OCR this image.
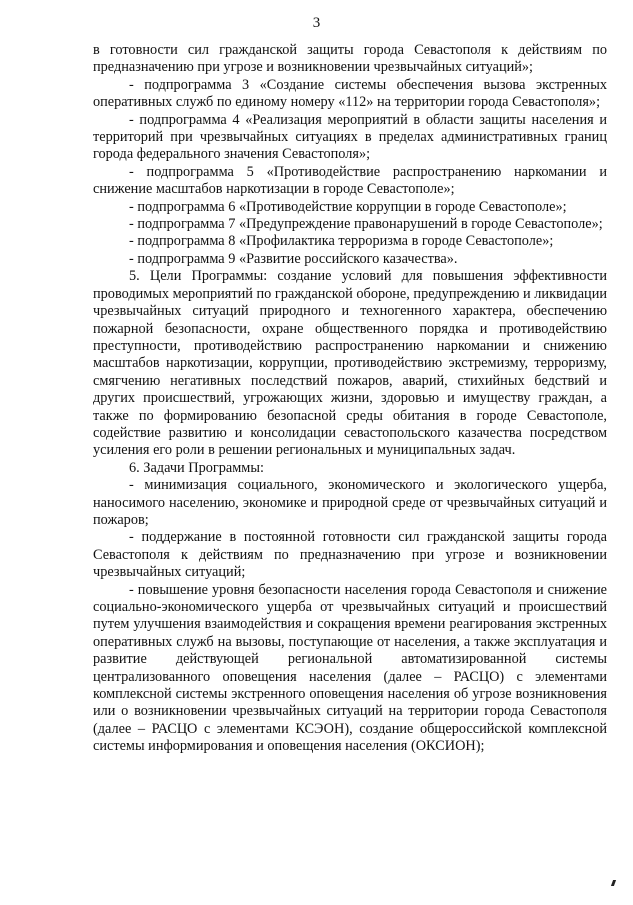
3

в готовности сил гражданской защиты города Севастополя к действиям по предназначению при угрозе и возникновении чрезвычайных ситуаций»;

- подпрограмма 3 «Создание системы обеспечения вызова экстренных оперативных служб по единому номеру «112» на территории города Севастополя»;

- подпрограмма 4 «Реализация мероприятий в области защиты населения и территорий при чрезвычайных ситуациях в пределах административных границ города федерального значения Севастополя»;

- подпрограмма 5 «Противодействие распространению наркомании и снижение масштабов наркотизации в городе Севастополе»;

- подпрограмма 6 «Противодействие коррупции в городе Севастополе»;

- подпрограмма 7 «Предупреждение правонарушений в городе Севастополе»;

- подпрограмма 8 «Профилактика терроризма в городе Севастополе»;

- подпрограмма 9 «Развитие российского казачества».

5. Цели Программы: создание условий для повышения эффективности проводимых мероприятий по гражданской обороне, предупреждению и ликвидации чрезвычайных ситуаций природного и техногенного характера, обеспечению пожарной безопасности, охране общественного порядка и противодействию преступности, противодействию распространению наркомании и снижению масштабов наркотизации, коррупции, противодействию экстремизму, терроризму, смягчению негативных последствий пожаров, аварий, стихийных бедствий и других происшествий, угрожающих жизни, здоровью и имуществу граждан, а также по формированию безопасной среды обитания в городе Севастополе, содействие развитию и консолидации севастопольского казачества посредством усиления его роли в решении региональных и муниципальных задач.

6. Задачи Программы:

- минимизация социального, экономического и экологического ущерба, наносимого населению, экономике и природной среде от чрезвычайных ситуаций и пожаров;

- поддержание в постоянной готовности сил гражданской защиты города Севастополя к действиям по предназначению при угрозе и возникновении чрезвычайных ситуаций;

- повышение уровня безопасности населения города Севастополя и снижение социально-экономического ущерба от чрезвычайных ситуаций и происшествий путем улучшения взаимодействия и сокращения времени реагирования экстренных оперативных служб на вызовы, поступающие от населения, а также эксплуатация и развитие действующей региональной автоматизированной системы централизованного оповещения населения (далее – РАСЦО) с элементами комплексной системы экстренного оповещения населения об угрозе возникновения или о возникновении чрезвычайных ситуаций на территории города Севастополя (далее – РАСЦО с элементами КСЭОН), создание общероссийской комплексной системы информирования и оповещения населения (ОКСИОН);
